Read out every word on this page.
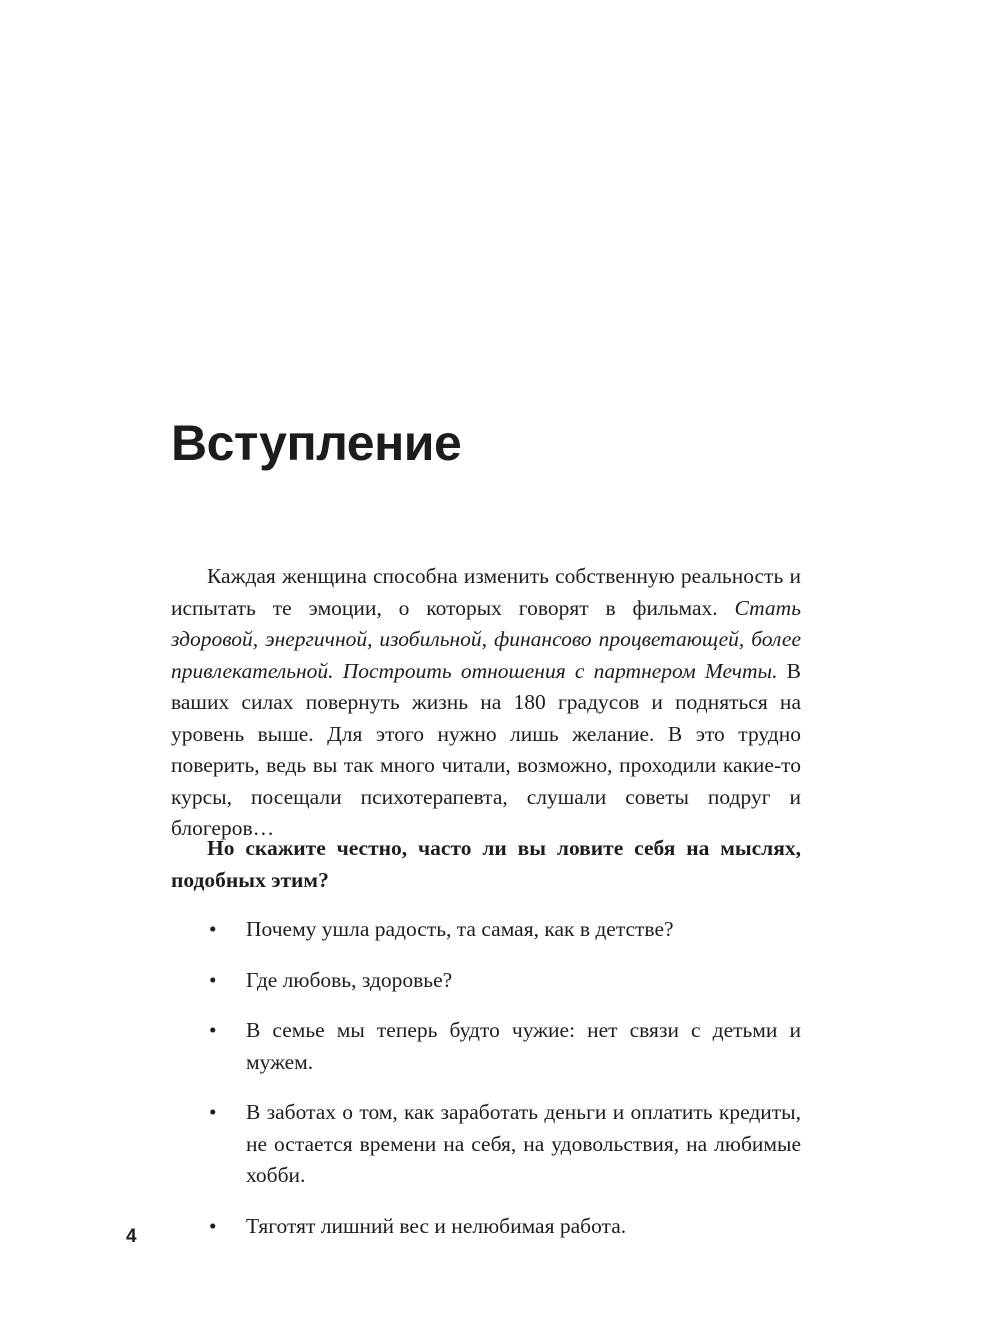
Вступление

Каждая женщина способна изменить собственную реальность и испытать те эмоции, о которых говорят в фильмах. Стать здоровой, энергичной, изобильной, финансово процветающей, более привлекательной. Построить отношения с партнером Мечты. В ваших силах повернуть жизнь на 180 градусов и подняться на уровень выше. Для этого нужно лишь желание. В это трудно поверить, ведь вы так много читали, возможно, проходили какие-то курсы, посещали психотерапевта, слушали советы подруг и блогеров…

Но скажите честно, часто ли вы ловите себя на мыслях, подобных этим?

• Почему ушла радость, та самая, как в детстве?
• Где любовь, здоровье?
• В семье мы теперь будто чужие: нет связи с детьми и мужем.
• В заботах о том, как заработать деньги и оплатить кредиты, не остается времени на себя, на удовольствия, на любимые хобби.
• Тяготят лишний вес и нелюбимая работа.
4
